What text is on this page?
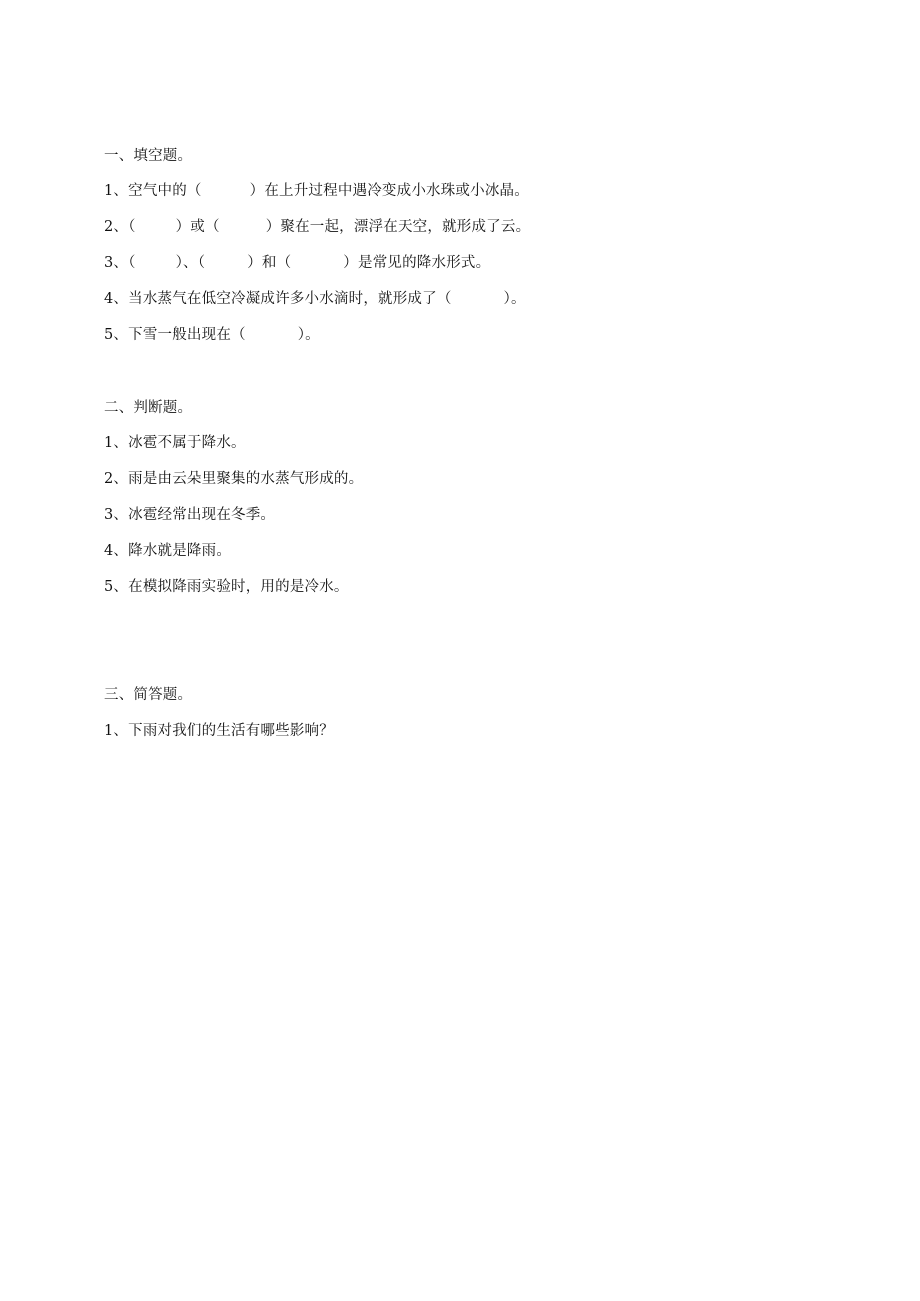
一、填空题。
1、空气中的（	）在上升过程中遇冷变成小水珠或小冰晶。
2、（	）或（	）聚在一起，漂浮在天空，就形成了云。
3、（	）、（	）和（	）是常见的降水形式。
4、当水蒸气在低空冷凝成许多小水滴时，就形成了（	）。
5、下雪一般出现在（	）。
二、判断题。
1、冰雹不属于降水。
2、雨是由云朵里聚集的水蒸气形成的。
3、冰雹经常出现在冬季。
4、降水就是降雨。
5、在模拟降雨实验时，用的是冷水。
三、简答题。
1、下雨对我们的生活有哪些影响？
